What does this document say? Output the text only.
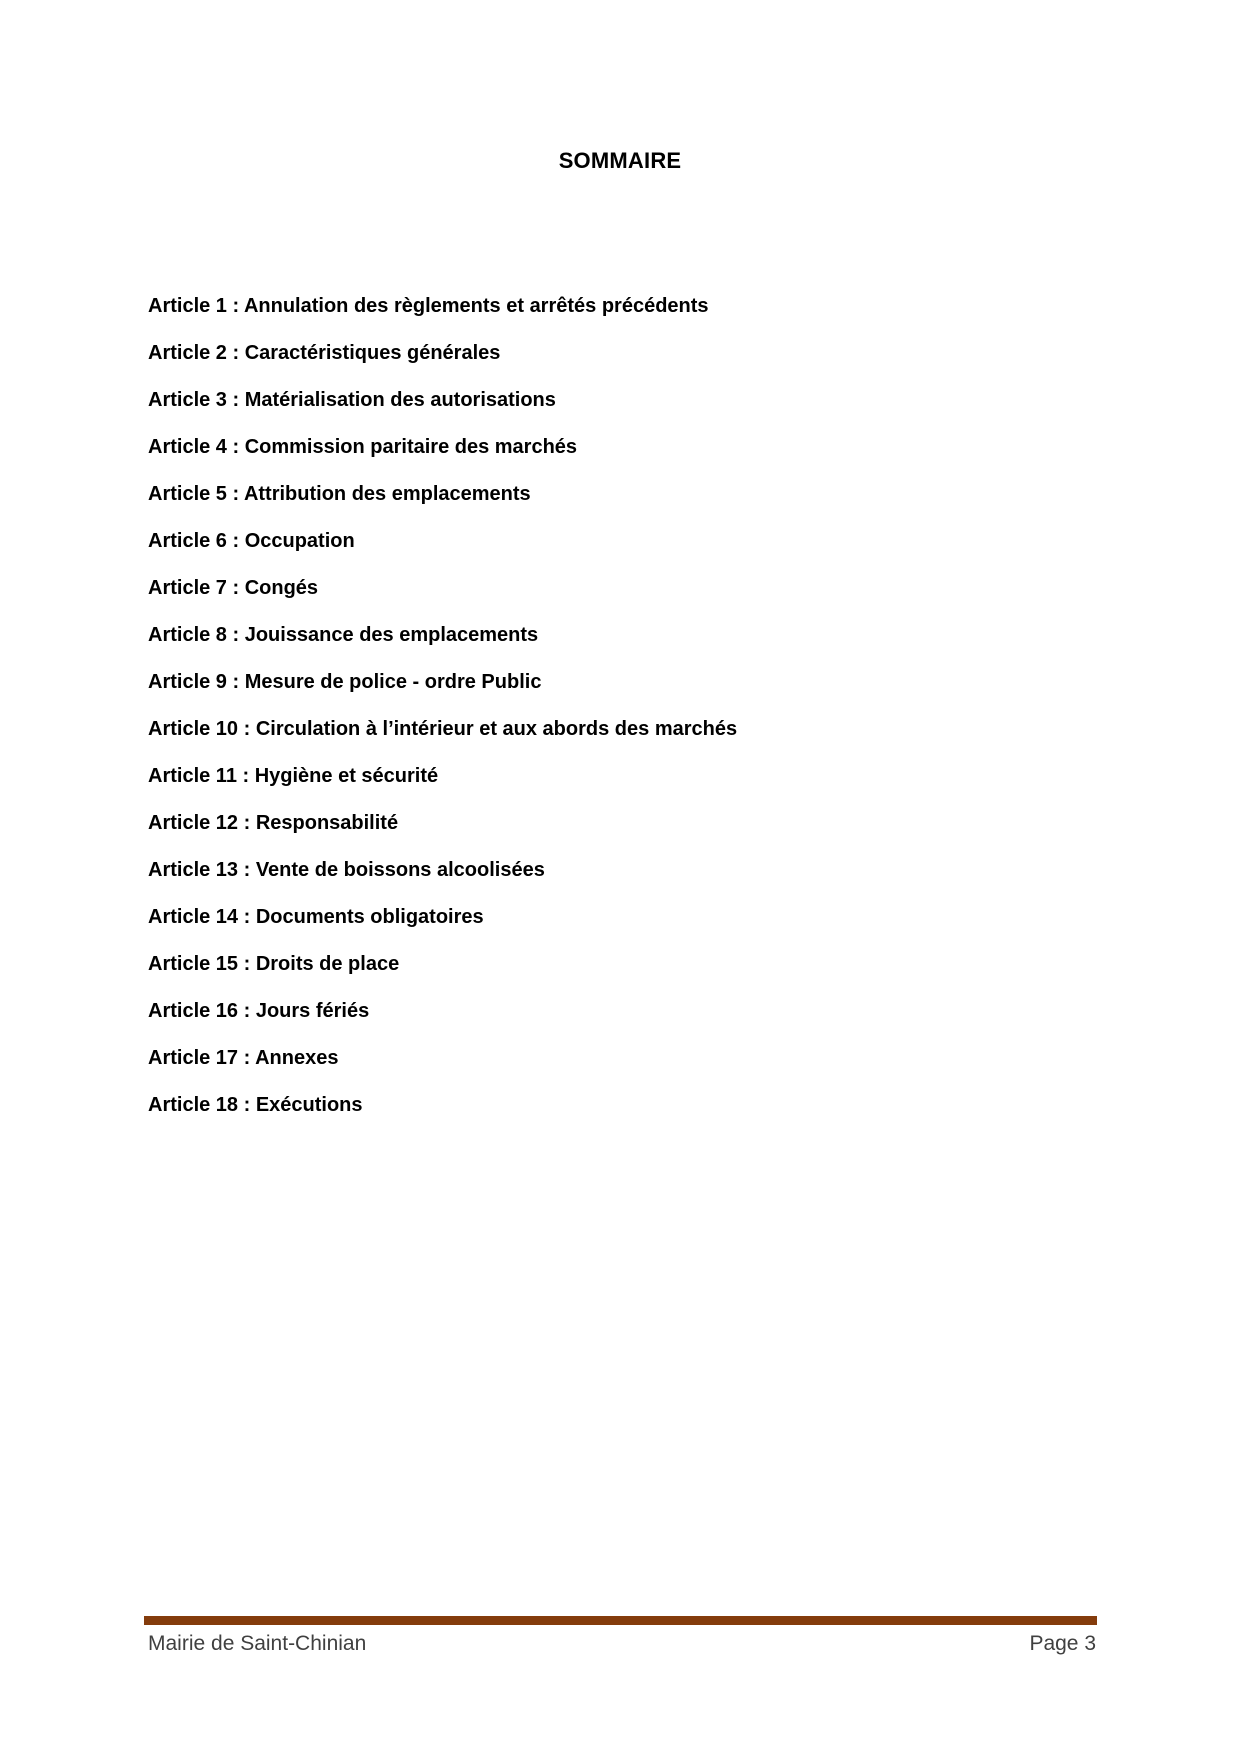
SOMMAIRE
Article 1 : Annulation des règlements et arrêtés précédents
Article 2 : Caractéristiques générales
Article 3 : Matérialisation des autorisations
Article 4 : Commission paritaire des marchés
Article 5 : Attribution des emplacements
Article 6 : Occupation
Article 7 : Congés
Article 8 : Jouissance des emplacements
Article 9 : Mesure de police - ordre Public
Article 10 : Circulation à l’intérieur et aux abords des marchés
Article 11 : Hygiène et sécurité
Article 12 : Responsabilité
Article 13 : Vente de boissons alcoolisées
Article 14 : Documents obligatoires
Article 15 : Droits de place
Article 16 : Jours fériés
Article 17 : Annexes
Article 18 : Exécutions
Mairie de Saint-Chinian	Page 3
